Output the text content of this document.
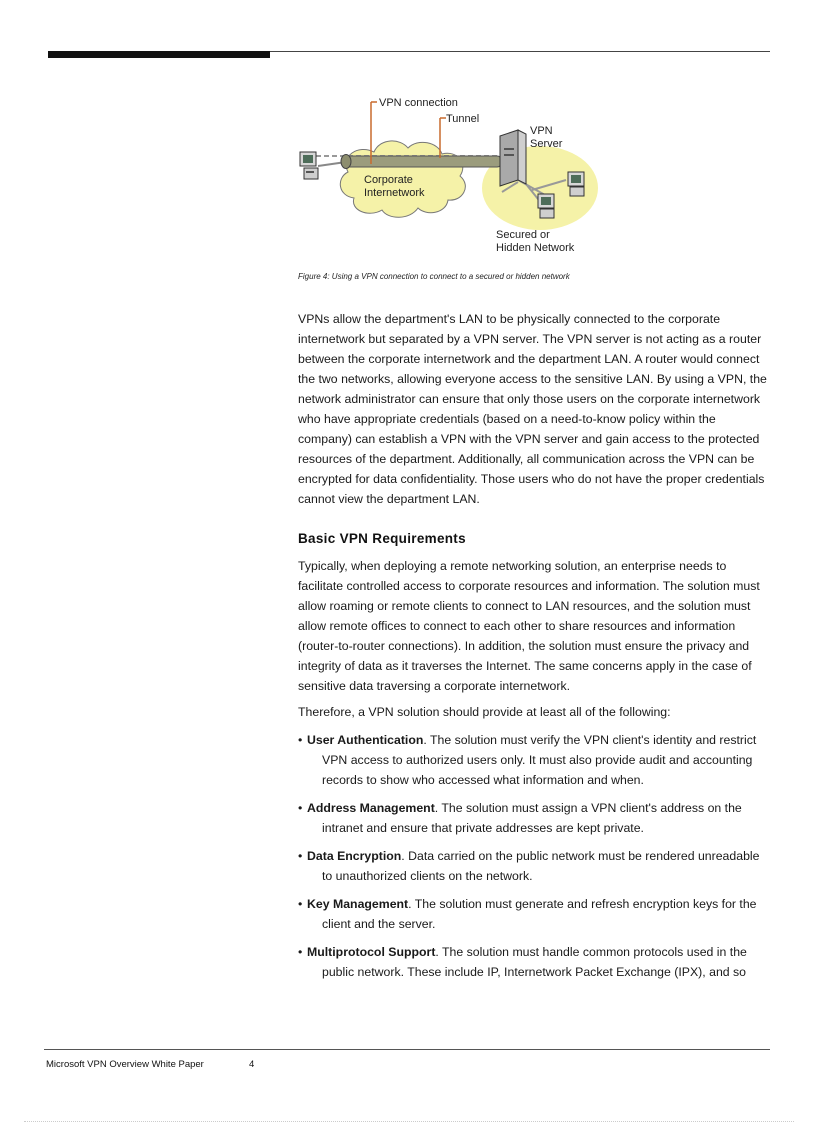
VPN connection
Tunnel
VPN
Server
Corporate
Internetwork
Secured or
Hidden Network
Figure 4: Using a VPN connection to connect to a secured or hidden network

VPNs allow the department's LAN to be physically connected to the corporate internetwork but separated by a VPN server. The VPN server is not acting as a router between the corporate internetwork and the department LAN. A router would connect the two networks, allowing everyone access to the sensitive LAN. By using a VPN, the network administrator can ensure that only those users on the corporate internetwork who have appropriate credentials (based on a need-to-know policy within the company) can establish a VPN with the VPN server and gain access to the protected resources of the department. Additionally, all communication across the VPN can be encrypted for data confidentiality. Those users who do not have the proper credentials cannot view the department LAN.

Basic VPN Requirements

Typically, when deploying a remote networking solution, an enterprise needs to facilitate controlled access to corporate resources and information. The solution must allow roaming or remote clients to connect to LAN resources, and the solution must allow remote offices to connect to each other to share resources and information (router-to-router connections). In addition, the solution must ensure the privacy and integrity of data as it traverses the Internet. The same concerns apply in the case of sensitive data traversing a corporate internetwork.

Therefore, a VPN solution should provide at least all of the following:

• User Authentication. The solution must verify the VPN client's identity and restrict VPN access to authorized users only. It must also provide audit and accounting records to show who accessed what information and when.
• Address Management. The solution must assign a VPN client's address on the intranet and ensure that private addresses are kept private.
• Data Encryption. Data carried on the public network must be rendered unreadable to unauthorized clients on the network.
• Key Management. The solution must generate and refresh encryption keys for the client and the server.
• Multiprotocol Support. The solution must handle common protocols used in the public network. These include IP, Internetwork Packet Exchange (IPX), and so
Microsoft VPN Overview White Paper	4
